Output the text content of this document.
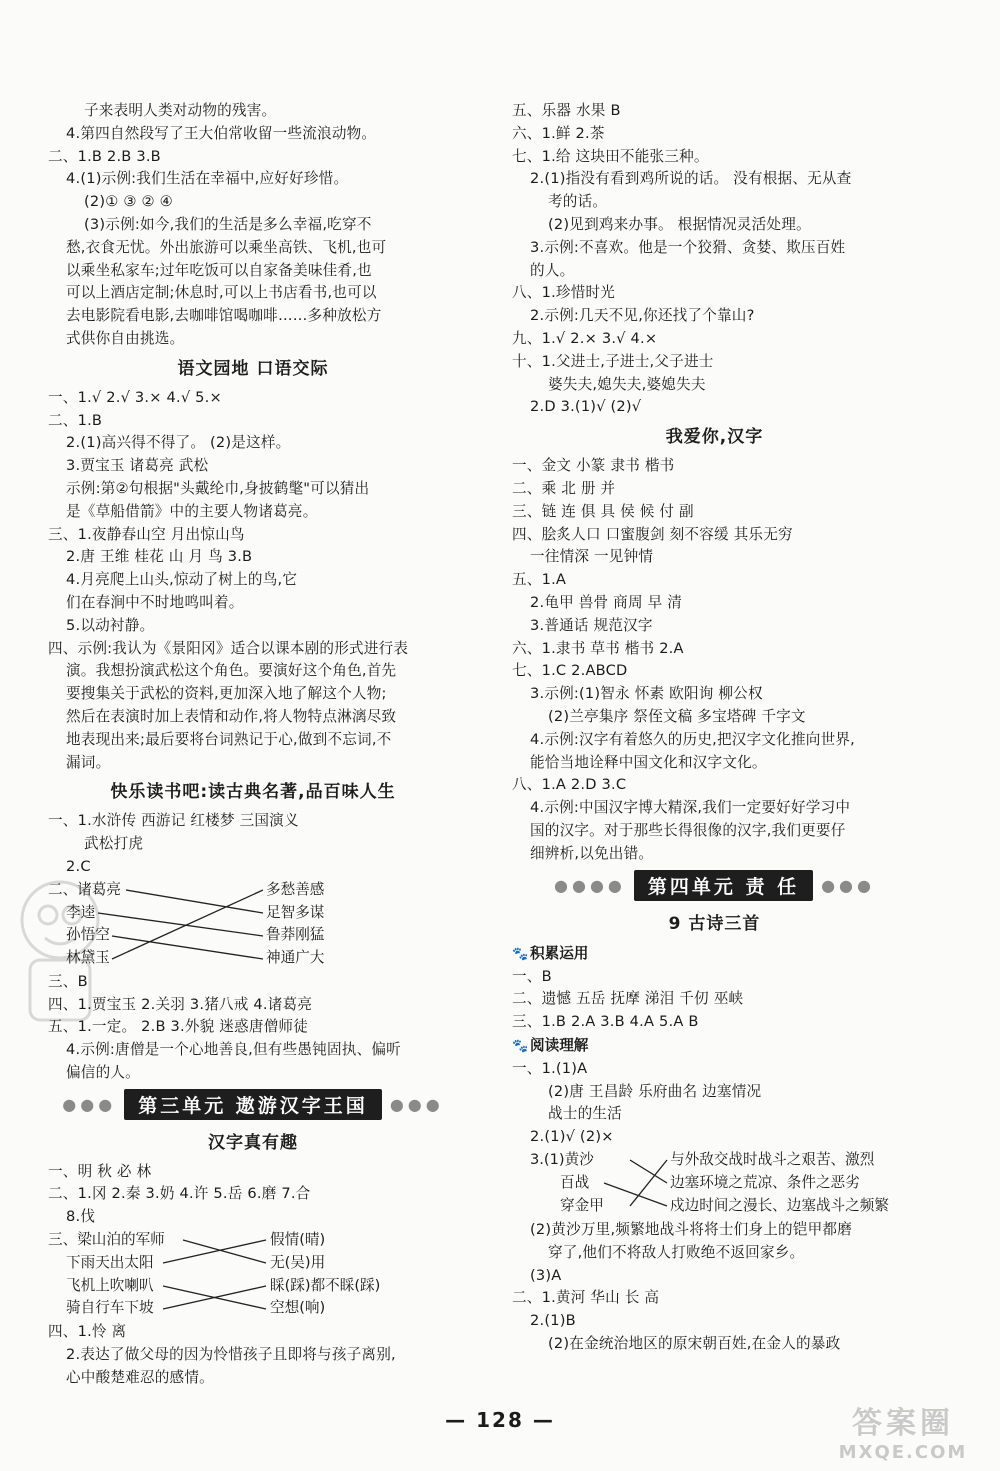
子来表明人类对动物的残害。
4.第四自然段写了王大伯常收留一些流浪动物。
二、1.B 2.B 3.B
4.(1)示例:我们生活在幸福中,应好好珍惜。
(2)① ③ ② ④
(3)示例:如今,我们的生活是多么幸福,吃穿不
愁,衣食无忧。外出旅游可以乘坐高铁、飞机,也可
以乘坐私家车;过年吃饭可以自家备美味佳肴,也
可以上酒店定制;休息时,可以上书店看书,也可以
去电影院看电影,去咖啡馆喝咖啡……多种放松方
式供你自由挑选。
语文园地 口语交际
一、1.√ 2.√ 3.× 4.√ 5.×
二、1.B
2.(1)高兴得不得了。 (2)是这样。
3.贾宝玉 诸葛亮 武松
示例:第②句根据"头戴纶巾,身披鹤氅"可以猜出
是《草船借箭》中的主要人物诸葛亮。
三、1.夜静春山空 月出惊山鸟
2.唐 王维 桂花 山 月 鸟 3.B
4.月亮爬上山头,惊动了树上的鸟,它
们在春涧中不时地鸣叫着。
5.以动衬静。
四、示例:我认为《景阳冈》适合以课本剧的形式进行表
演。我想扮演武松这个角色。要演好这个角色,首先
要搜集关于武松的资料,更加深入地了解这个人物;
然后在表演时加上表情和动作,将人物特点淋漓尽致
地表现出来;最后要将台词熟记于心,做到不忘词,不
漏词。
快乐读书吧:读古典名著,品百味人生
一、1.水浒传 西游记 红楼梦 三国演义
武松打虎
2.C
二、诸葛亮	多愁善感
李逵	足智多谋
孙悟空	鲁莽刚猛
林黛玉	神通广大
三、B
四、1.贾宝玉 2.关羽 3.猪八戒 4.诸葛亮
五、1.一定。 2.B 3.外貌 迷惑唐僧师徒
4.示例:唐僧是一个心地善良,但有些愚钝固执、偏听
偏信的人。
●●●	第三单元 遨游汉字王国	●●●
汉字真有趣
一、明 秋 必 林
二、1.冈 2.秦 3.奶 4.许 5.岳 6.磨 7.合
8.伐
三、梁山泊的军师	假情(晴)
下雨天出太阳	无(吴)用
飞机上吹喇叭	睬(踩)都不睬(踩)
骑自行车下坡	空想(响)
四、1.怜 离
2.表达了做父母的因为怜惜孩子且即将与孩子离别,
心中酸楚难忍的感情。
五、乐器 水果 B
六、1.鲜 2.茶
七、1.给 这块田不能张三种。
2.(1)指没有看到鸡所说的话。 没有根据、无从查
考的话。
(2)见到鸡来办事。 根据情况灵活处理。
3.示例:不喜欢。他是一个狡猾、贪婪、欺压百姓
的人。
八、1.珍惜时光
2.示例:几天不见,你还找了个靠山?
九、1.√ 2.× 3.√ 4.×
十、1.父进士,子进士,父子进士
婆失夫,媳失夫,婆媳失夫
2.D 3.(1)√ (2)√
我爱你,汉字
一、金文 小篆 隶书 楷书
二、乘 北 册 并
三、链 连 俱 具 侯 候 付 副
四、脍炙人口 口蜜腹剑 刻不容缓 其乐无穷
一往情深 一见钟情
五、1.A
2.龟甲 兽骨 商周 早 清
3.普通话 规范汉字
六、1.隶书 草书 楷书 2.A
七、1.C 2.ABCD
3.示例:(1)智永 怀素 欧阳询 柳公权
(2)兰亭集序 祭侄文稿 多宝塔碑 千字文
4.示例:汉字有着悠久的历史,把汉字文化推向世界,
能恰当地诠释中国文化和汉字文化。
八、1.A 2.D 3.C
4.示例:中国汉字博大精深,我们一定要好好学习中
国的汉字。对于那些长得很像的汉字,我们更要仔
细辨析,以免出错。
●●●●	第四单元 责 任	●●●
9 古诗三首
🐾 积累运用
一、B
二、遗憾 五岳 抚摩 涕泪 千仞 巫峡
三、1.B 2.A 3.B 4.A 5.A B
🐾 阅读理解
一、1.(1)A
(2)唐 王昌龄 乐府曲名 边塞情况
战士的生活
2.(1)√ (2)×
3.(1)黄沙	与外敌交战时战斗之艰苦、激烈
百战	边塞环境之荒凉、条件之恶劣
穿金甲	戍边时间之漫长、边塞战斗之频繁
(2)黄沙万里,频繁地战斗将将士们身上的铠甲都磨
穿了,他们不将敌人打败绝不返回家乡。
(3)A
二、1.黄河 华山 长 高
2.(1)B
(2)在金统治地区的原宋朝百姓,在金人的暴政
— 128 —	答案圈
MXQE.COM
